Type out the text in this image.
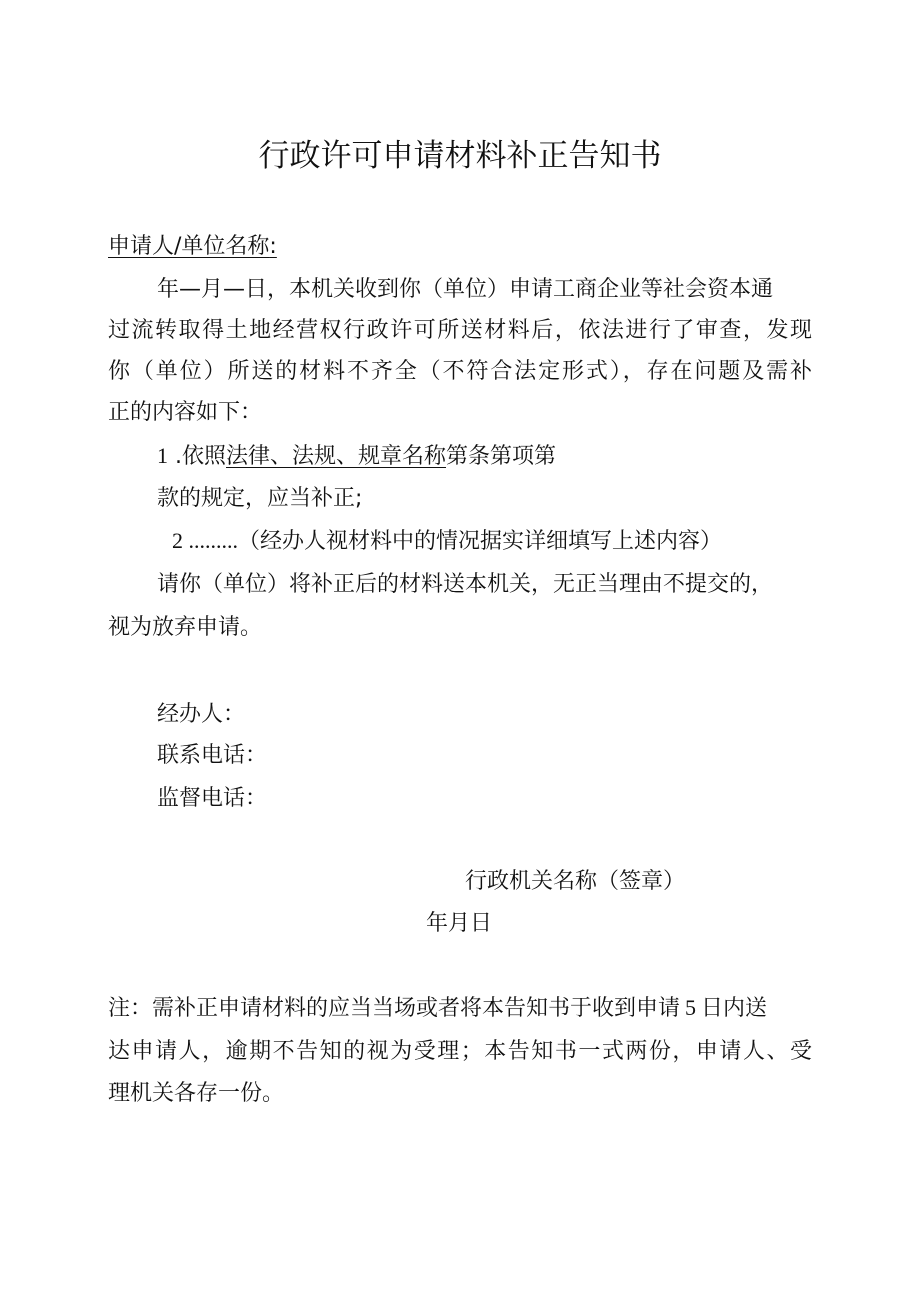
行政许可申请材料补正告知书
申请人/单位名称:
年—月—日，本机关收到你（单位）申请工商企业等社会资本通
过流转取得土地经营权行政许可所送材料后，依法进行了审查，发现
你（单位）所送的材料不齐全（不符合法定形式），存在问题及需补
正的内容如下：
1 .依照法律、法规、规章名称第条第项第
款的规定，应当补正;
2 .........（经办人视材料中的情况据实详细填写上述内容）
请你（单位）将补正后的材料送本机关，无正当理由不提交的，
视为放弃申请。
经办人：
联系电话：
监督电话：
行政机关名称（签章）
年月日
注：需补正申请材料的应当当场或者将本告知书于收到申请 5 日内送
达申请人，逾期不告知的视为受理；本告知书一式两份，申请人、受
理机关各存一份。
